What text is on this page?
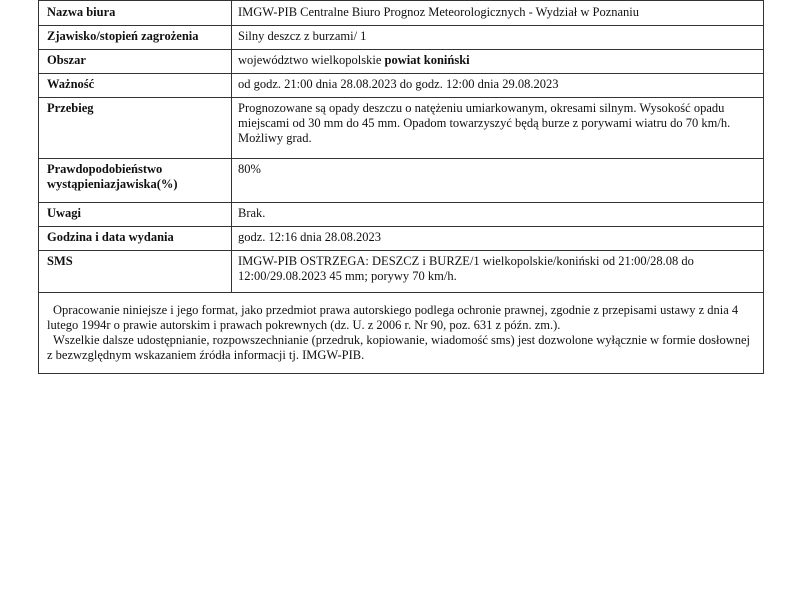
Nazwa biura	IMGW-PIB Centralne Biuro Prognoz Meteorologicznych - Wydział w Poznaniu
Zjawisko/stopień zagrożenia	Silny deszcz z burzami/ 1
Obszar	województwo wielkopolskie powiat koniński
Ważność	od godz. 21:00 dnia 28.08.2023 do godz. 12:00 dnia 29.08.2023
Przebieg	Prognozowane są opady deszczu o natężeniu umiarkowanym, okresami silnym. Wysokość opadu miejscami od 30 mm do 45 mm. Opadom towarzyszyć będą burze z porywami wiatru do 70 km/h. Możliwy grad.
Prawdopodobieństwo wystąpieniazjawiska(%)	80%
Uwagi	Brak.
Godzina i data wydania	godz. 12:16 dnia 28.08.2023
SMS	IMGW-PIB OSTRZEGA: DESZCZ i BURZE/1 wielkopolskie/koniński od 21:00/28.08 do 12:00/29.08.2023 45 mm; porywy 70 km/h.

Opracowanie niniejsze i jego format, jako przedmiot prawa autorskiego podlega ochronie prawnej, zgodnie z przepisami ustawy z dnia 4 lutego 1994r o prawie autorskim i prawach pokrewnych (dz. U. z 2006 r. Nr 90, poz. 631 z późn. zm.).

Wszelkie dalsze udostępnianie, rozpowszechnianie (przedruk, kopiowanie, wiadomość sms) jest dozwolone wyłącznie w formie dosłownej z bezwzględnym wskazaniem źródła informacji tj. IMGW-PIB.
